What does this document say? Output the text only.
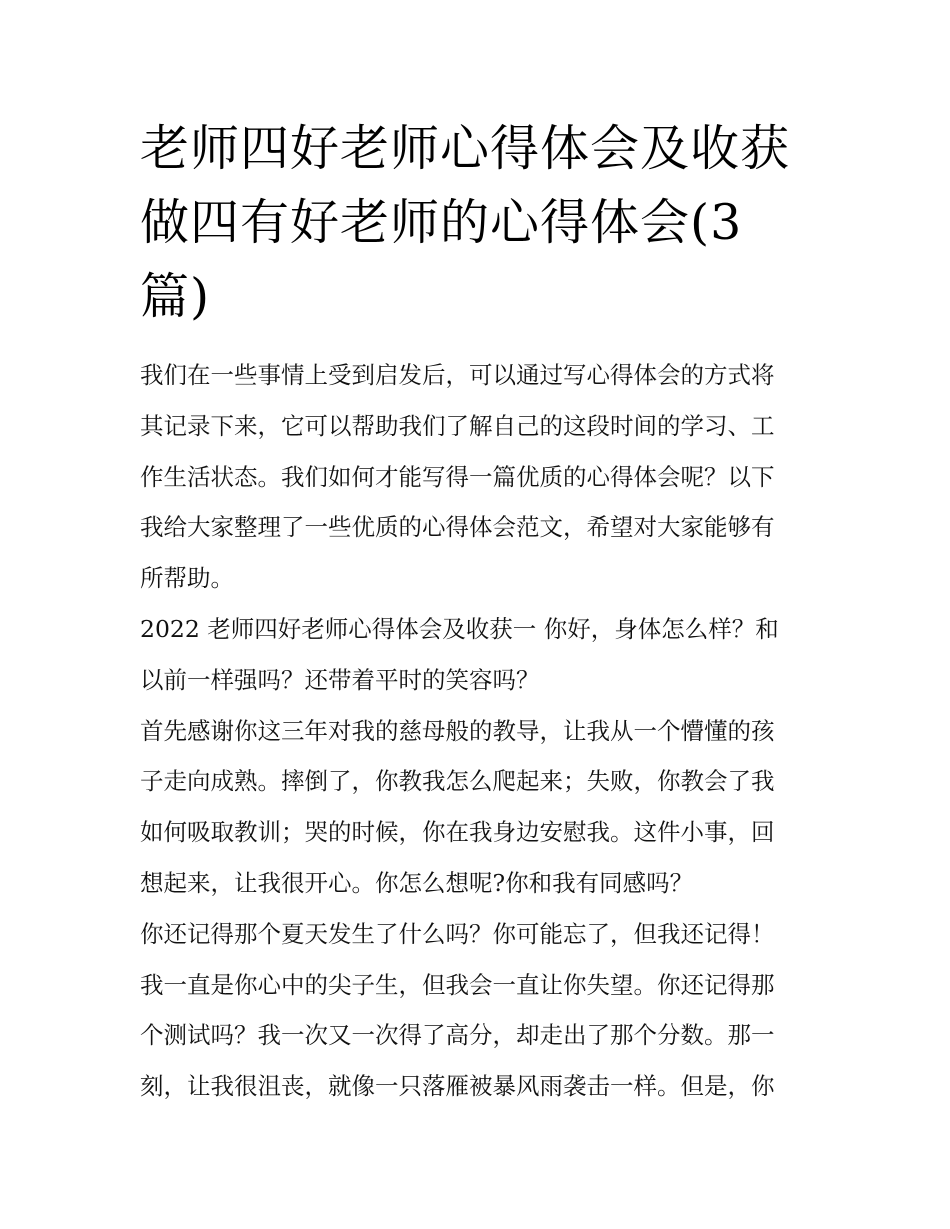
老师四好老师心得体会及收获
做四有好老师的心得体会(3
篇)

我们在一些事情上受到启发后，可以通过写心得体会的方式将
其记录下来，它可以帮助我们了解自己的这段时间的学习、工
作生活状态。我们如何才能写得一篇优质的心得体会呢？以下
我给大家整理了一些优质的心得体会范文，希望对大家能够有
所帮助。

2022 老师四好老师心得体会及收获一 你好，身体怎么样？和
以前一样强吗？还带着平时的笑容吗？

首先感谢你这三年对我的慈母般的教导，让我从一个懵懂的孩
子走向成熟。摔倒了，你教我怎么爬起来；失败，你教会了我
如何吸取教训；哭的时候，你在我身边安慰我。这件小事，回
想起来，让我很开心。你怎么想呢?你和我有同感吗？

你还记得那个夏天发生了什么吗？你可能忘了，但我还记得！
我一直是你心中的尖子生，但我会一直让你失望。你还记得那
个测试吗？我一次又一次得了高分，却走出了那个分数。那一
刻，让我很沮丧，就像一只落雁被暴风雨袭击一样。但是，你
